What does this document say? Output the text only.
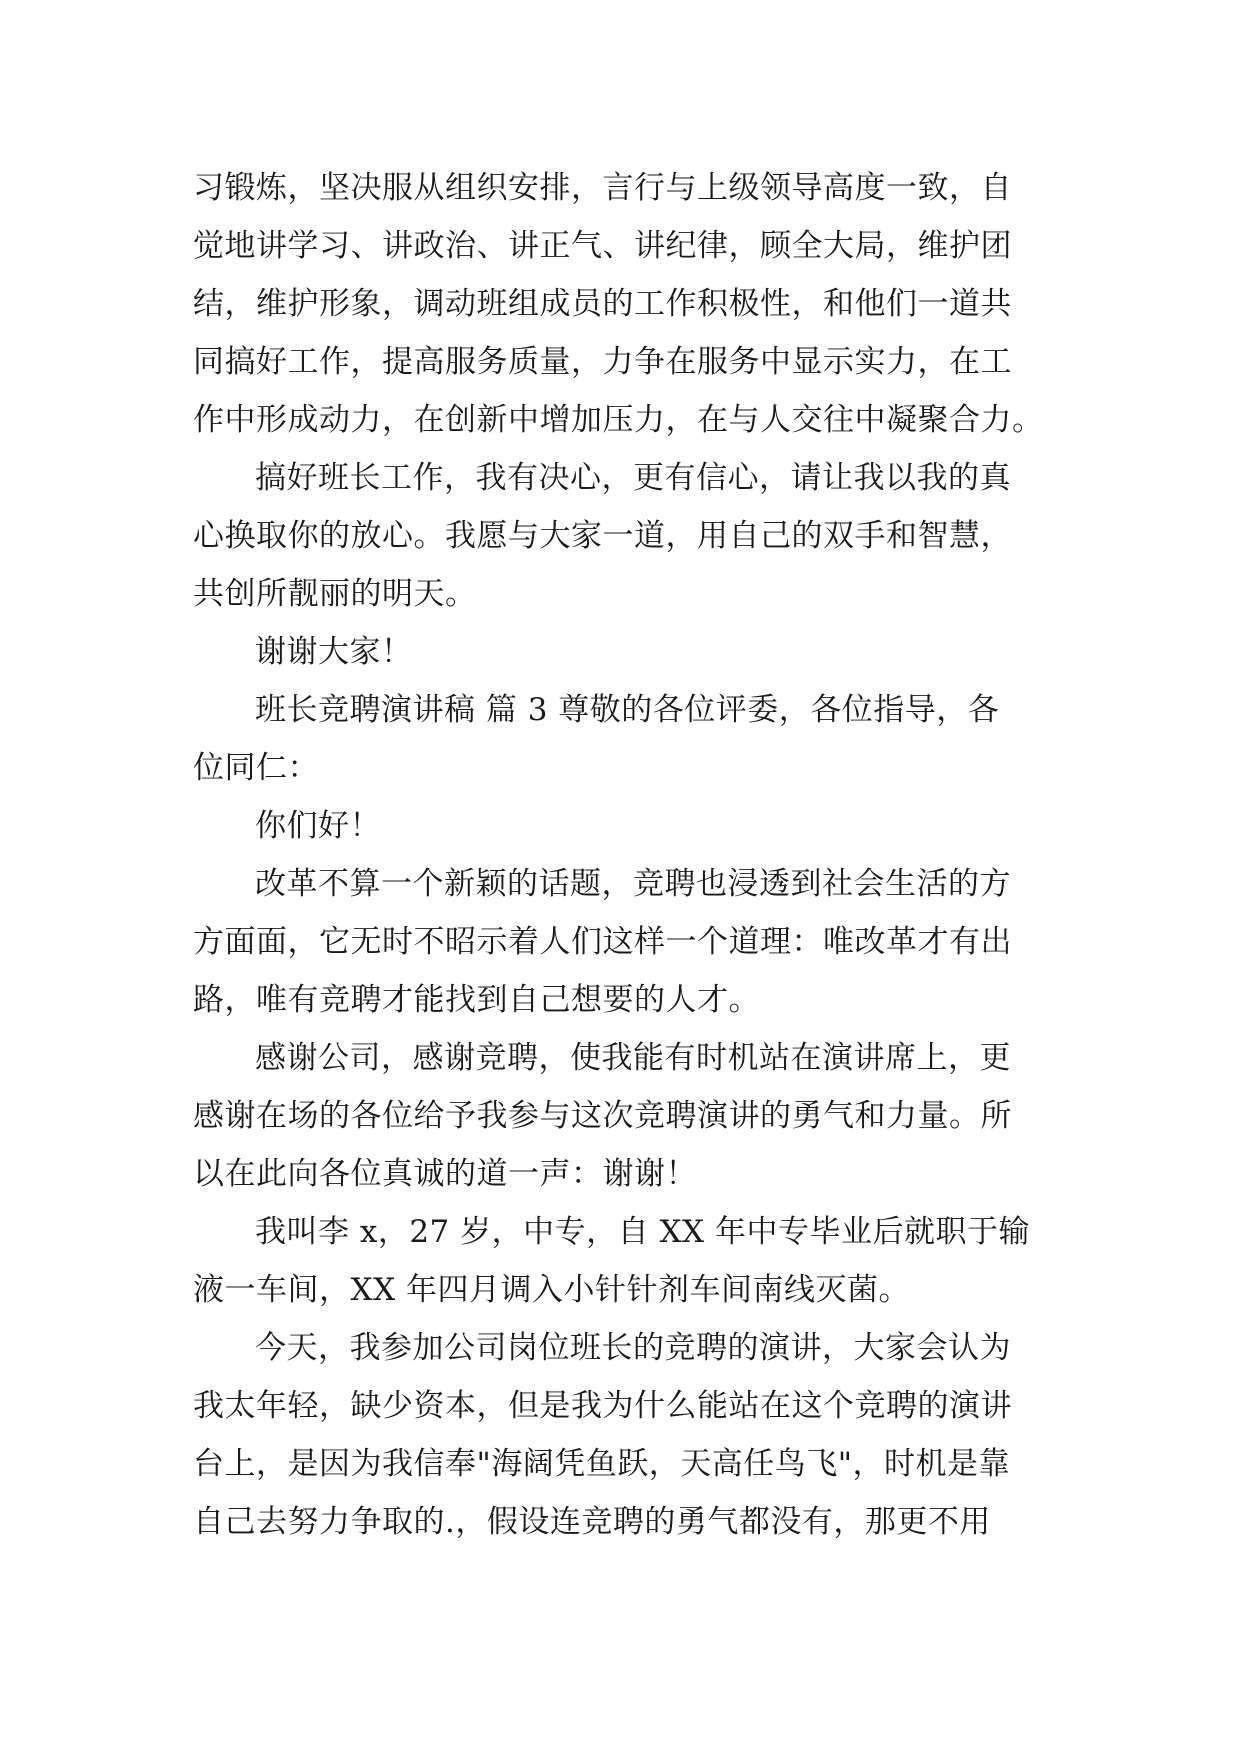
习锻炼，坚决服从组织安排，言行与上级领导高度一致，自
觉地讲学习、讲政治、讲正气、讲纪律，顾全大局，维护团
结，维护形象，调动班组成员的工作积极性，和他们一道共
同搞好工作，提高服务质量，力争在服务中显示实力，在工
作中形成动力，在创新中增加压力，在与人交往中凝聚合力。
搞好班长工作，我有决心，更有信心，请让我以我的真
心换取你的放心。我愿与大家一道，用自己的双手和智慧，
共创所靓丽的明天。
谢谢大家！
班长竞聘演讲稿 篇 3 尊敬的各位评委，各位指导，各
位同仁：
你们好！
改革不算一个新颖的话题，竞聘也浸透到社会生活的方
方面面，它无时不昭示着人们这样一个道理：唯改革才有出
路，唯有竞聘才能找到自己想要的人才。
感谢公司，感谢竞聘，使我能有时机站在演讲席上，更
感谢在场的各位给予我参与这次竞聘演讲的勇气和力量。所
以在此向各位真诚的道一声：谢谢！
我叫李 x，27 岁，中专，自 XX 年中专毕业后就职于输
液一车间，XX 年四月调入小针针剂车间南线灭菌。
今天，我参加公司岗位班长的竞聘的演讲，大家会认为
我太年轻，缺少资本，但是我为什么能站在这个竞聘的演讲
台上，是因为我信奉"海阔凭鱼跃，天高任鸟飞"，时机是靠
自己去努力争取的.，假设连竞聘的勇气都没有，那更不用
